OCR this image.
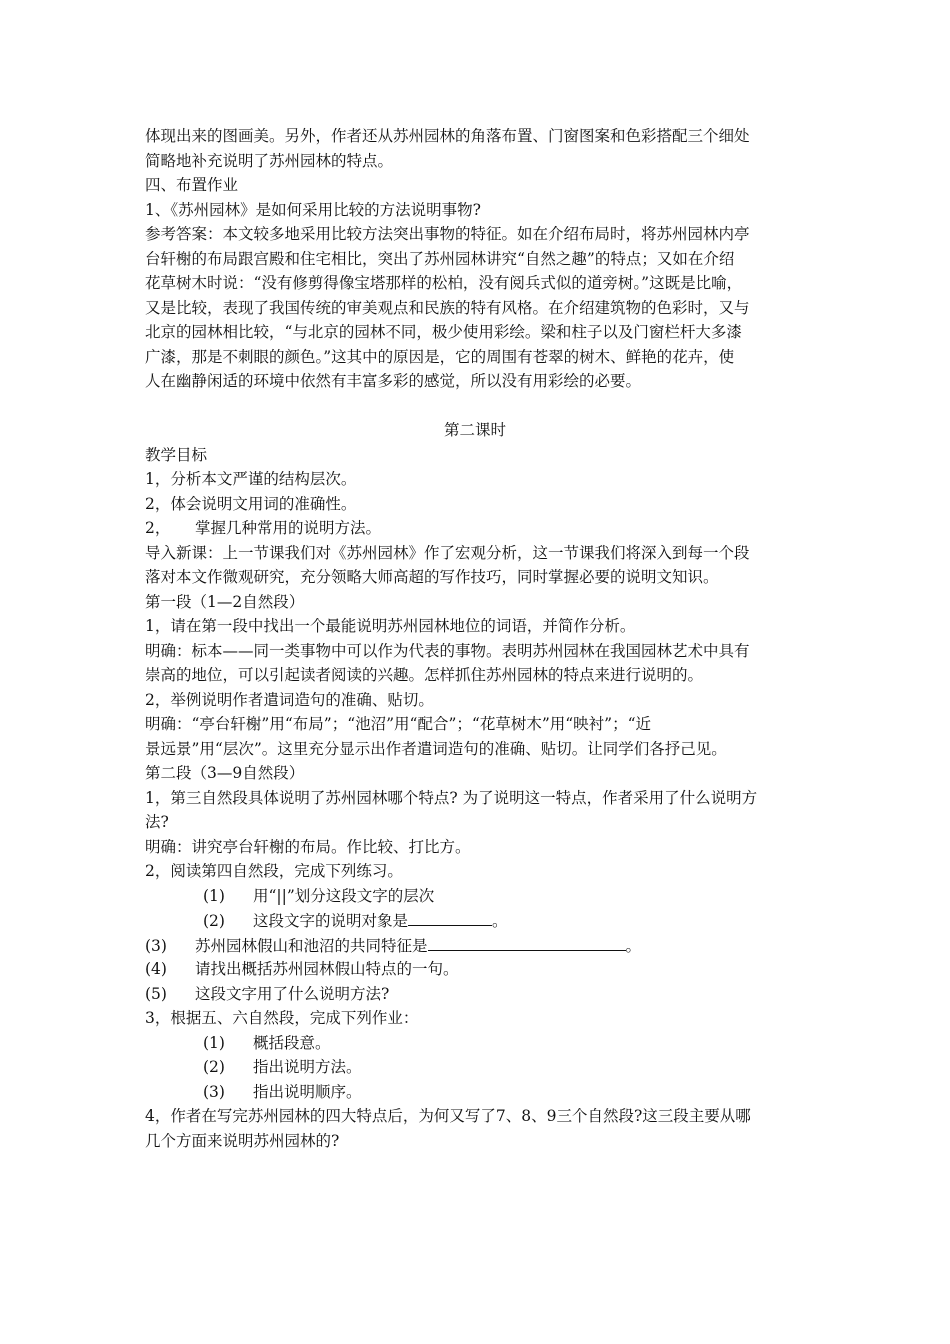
体现出来的图画美。另外，作者还从苏州园林的角落布置、门窗图案和色彩搭配三个细处
简略地补充说明了苏州园林的特点。
四、布置作业
1、《苏州园林》是如何采用比较的方法说明事物?
参考答案：本文较多地采用比较方法突出事物的特征。如在介绍布局时，将苏州园林内亭
台轩榭的布局跟宫殿和住宅相比，突出了苏州园林讲究“自然之趣”的特点；又如在介绍
花草树木时说：“没有修剪得像宝塔那样的松柏，没有阅兵式似的道旁树。”这既是比喻，
又是比较，表现了我国传统的审美观点和民族的特有风格。在介绍建筑物的色彩时，又与
北京的园林相比较，“与北京的园林不同，极少使用彩绘。梁和柱子以及门窗栏杆大多漆
广漆，那是不刺眼的颜色。”这其中的原因是，它的周围有苍翠的树木、鲜艳的花卉，使
人在幽静闲适的环境中依然有丰富多彩的感觉，所以没有用彩绘的必要。
第二课时
教学目标
1，分析本文严谨的结构层次。
2，体会说明文用词的准确性。
2， 掌握几种常用的说明方法。
导入新课：上一节课我们对《苏州园林》作了宏观分析，这一节课我们将深入到每一个段
落对本文作微观研究，充分领略大师高超的写作技巧，同时掌握必要的说明文知识。
第一段（1—2自然段）
1，请在第一段中找出一个最能说明苏州园林地位的词语，并简作分析。
明确：标本——同一类事物中可以作为代表的事物。表明苏州园林在我国园林艺术中具有
崇高的地位，可以引起读者阅读的兴趣。怎样抓住苏州园林的特点来进行说明的。
2，举例说明作者遣词造句的准确、贴切。
明确：“亭台轩榭”用“布局”；“池沼”用“配合”；“花草树木”用“映衬”；“近
景远景”用“层次”。这里充分显示出作者遣词造句的准确、贴切。让同学们各抒己见。
第二段（3—9自然段）
1，第三自然段具体说明了苏州园林哪个特点? 为了说明这一特点，作者采用了什么说明方
法?
明确：讲究亭台轩榭的布局。作比较、打比方。
2，阅读第四自然段，完成下列练习。
(1) 用“||”划分这段文字的层次
(2) 这段文字的说明对象是	。
(3) 苏州园林假山和池沼的共同特征是	。
(4) 请找出概括苏州园林假山特点的一句。
(5) 这段文字用了什么说明方法?
3，根据五、六自然段，完成下列作业：
(1) 概括段意。
(2) 指出说明方法。
(3) 指出说明顺序。
4，作者在写完苏州园林的四大特点后，为何又写了7、8、9三个自然段?这三段主要从哪
几个方面来说明苏州园林的?
